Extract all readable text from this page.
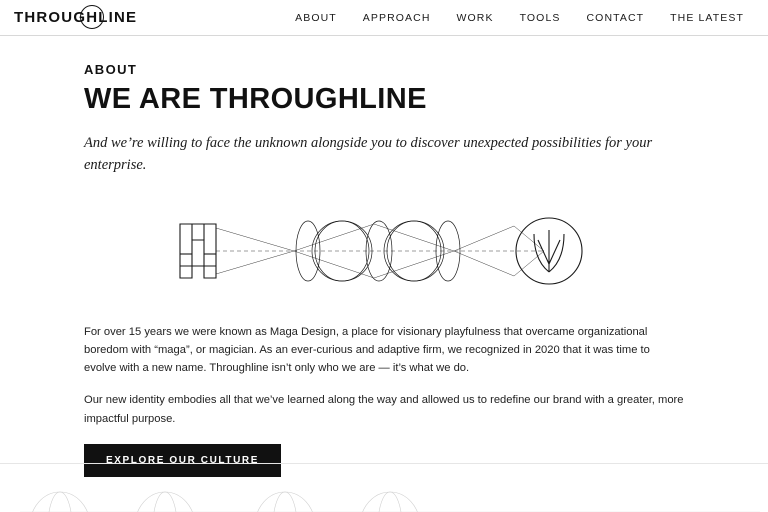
THROUGHLINE	ABOUT APPROACH WORK TOOLS CONTACT THE LATEST
ABOUT
WE ARE THROUGHLINE

And we’re willing to face the unknown alongside you to discover unexpected possibilities for your enterprise.

For over 15 years we were known as Maga Design, a place for visionary playfulness that overcame organizational boredom with “maga”, or magician. As an ever-curious and adaptive firm, we recognized in 2020 that it was time to evolve with a new name. Throughline isn’t only who we are — it’s what we do.

Our new identity embodies all that we’ve learned along the way and allowed us to redefine our brand with a greater, more impactful purpose.

EXPLORE OUR CULTURE
